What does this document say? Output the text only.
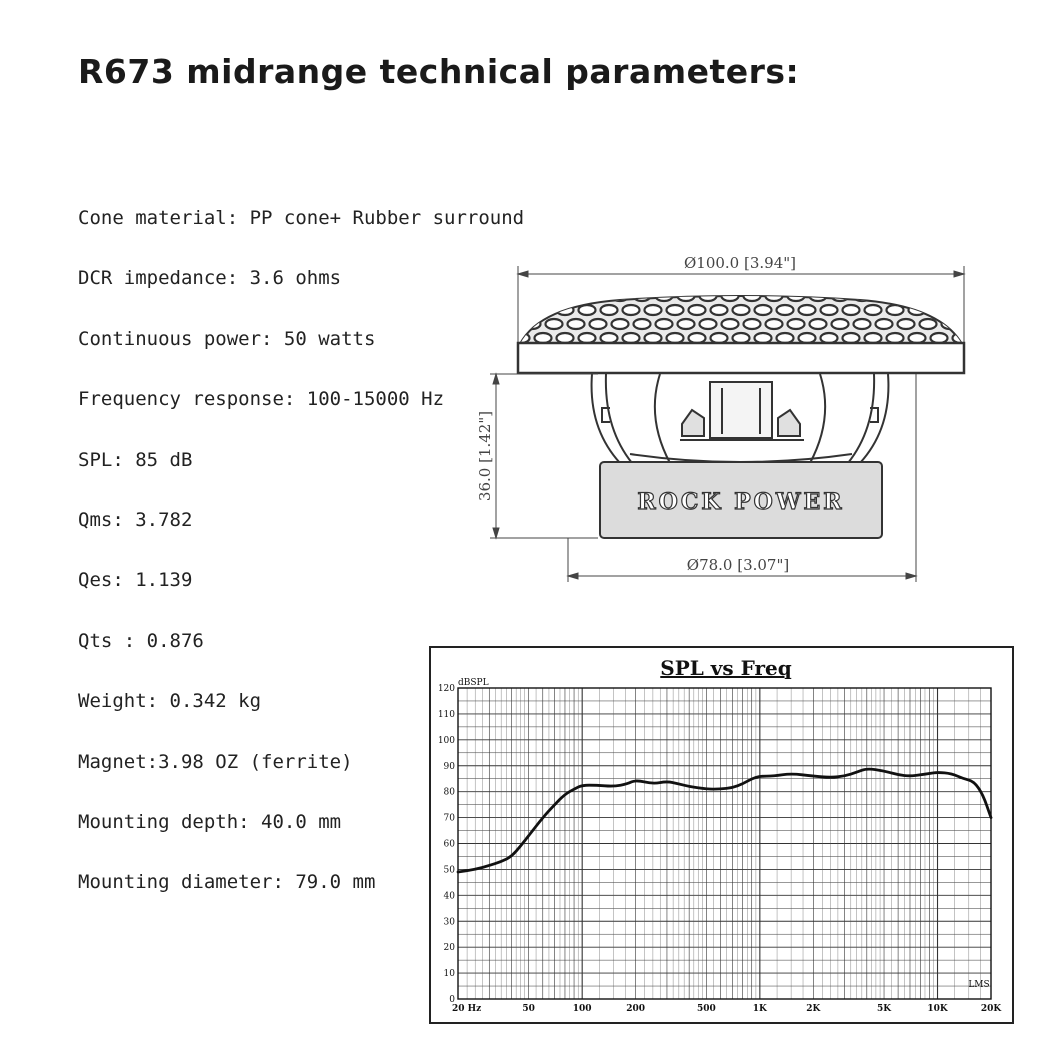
R673 midrange technical parameters:
Cone material: PP cone+ Rubber surround
DCR impedance: 3.6 ohms
Continuous power: 50 watts
Frequency response: 100-15000 Hz
SPL: 85 dB
Qms: 3.782
Qes: 1.139
Qts : 0.876
Weight: 0.342 kg
Magnet:3.98 OZ (ferrite)
Mounting depth: 40.0 mm
Mounting diameter: 79.0 mm
Ø100.0 [3.94"]
ROCK POWER
36.0 [1.42"]
Ø78.0 [3.07"]
SPL vs Freq
dBSPL
LMS
0
10
20
30
40
50
60
70
80
90
100
110
120
20 Hz	50	100	200	500	1K	2K	5K	10K	20K
